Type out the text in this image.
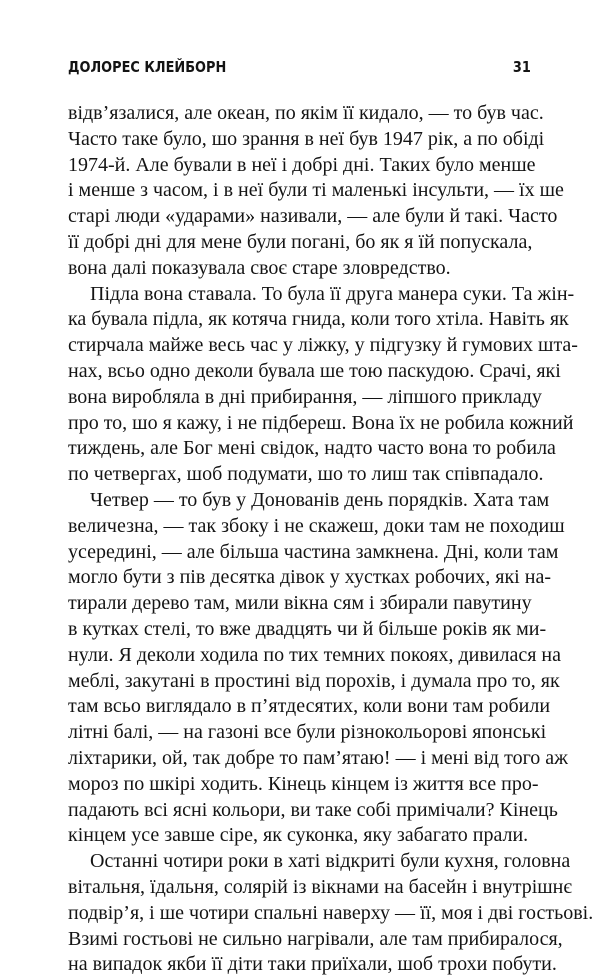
ДОЛОРЕС КЛЕЙБОРН	31
відв’язалися, але океан, по якім її кидало, — то був час.
Часто таке було, шо зрання в неї був 1947 рік, а по обіді
1974-й. Але бували в неї і добрі дні. Таких було менше
і менше з часом, і в неї були ті маленькі інсульти, — їх ше
старі люди «ударами» називали, — але були й такі. Часто
її добрі дні для мене були погані, бо як я їй попускала,
вона далі показувала своє старе зловредство.
Підла вона ставала. То була її друга манера суки. Та жін-
ка бувала підла, як котяча гнида, коли того хтіла. Навіть як
стирчала майже весь час у ліжку, у підгузку й гумових шта-
нах, всьо одно деколи бувала ше тою паскудою. Срачі, які
вона виробляла в дні прибирання, — ліпшого прикладу
про то, шо я кажу, і не підбереш. Вона їх не робила кожний
тиждень, але Бог мені свідок, надто часто вона то робила
по четвергах, шоб подумати, шо то лиш так співпадало.
Четвер — то був у Донованів день порядків. Хата там
величезна, — так збоку і не скажеш, доки там не походиш
усередині, — але більша частина замкнена. Дні, коли там
могло бути з пів десятка дівок у хустках робочих, які на-
тирали дерево там, мили вікна сям і збирали павутину
в кутках стелі, то вже двадцять чи й більше років як ми-
нули. Я деколи ходила по тих темних покоях, дивилася на
меблі, закутані в простині від порохів, і думала про то, як
там всьо виглядало в п’ятдесятих, коли вони там робили
літні балі, — на газоні все були різнокольорові японські
ліхтарики, ой, так добре то пам’ятаю! — і мені від того аж
мороз по шкірі ходить. Кінець кінцем із життя все про-
падають всі ясні кольори, ви таке собі примічали? Кінець
кінцем усе завше сіре, як суконка, яку забагато прали.
Останні чотири роки в хаті відкриті були кухня, головна
вітальня, їдальня, солярій із вікнами на басейн і внутрішнє
подвір’я, і ше чотири спальні наверху — її, моя і дві гостьові.
Взимі гостьові не сильно нагрівали, але там прибиралося,
на випадок якби її діти таки приїхали, шоб трохи побути.
